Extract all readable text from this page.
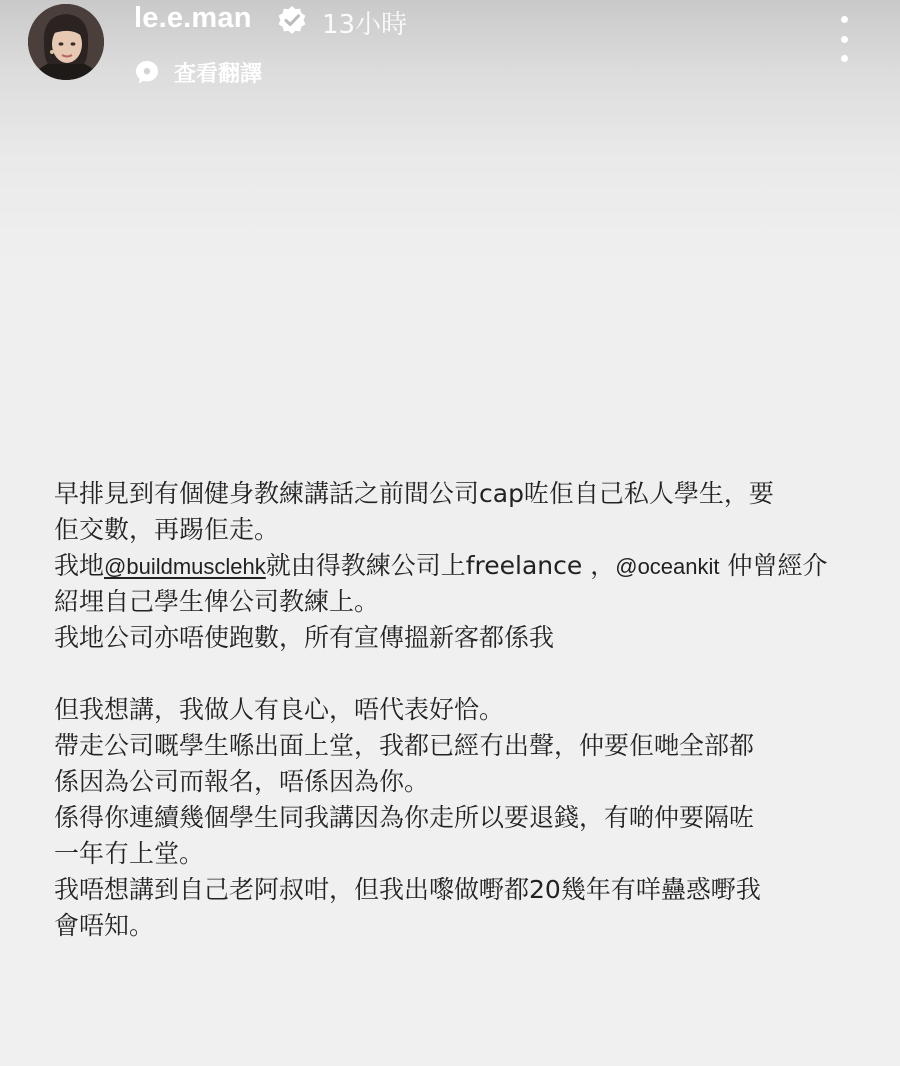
le.e.man	13小時
查看翻譯
早排見到有個健身教練講話之前間公司cap咗佢自己私人學生，要
佢交數，再踢佢走。
我地@buildmusclehk就由得教練公司上freelance ，@oceankit 仲曾經介
紹埋自己學生俾公司教練上。
我地公司亦唔使跑數，所有宣傳搵新客都係我
但我想講，我做人有良心，唔代表好恰。
帶走公司嘅學生喺出面上堂，我都已經冇出聲，仲要佢哋全部都
係因為公司而報名，唔係因為你。
係得你連續幾個學生同我講因為你走所以要退錢，有啲仲要隔咗
一年冇上堂。
我唔想講到自己老阿叔咁，但我出嚟做嘢都20幾年有咩蠱惑嘢我
會唔知。
